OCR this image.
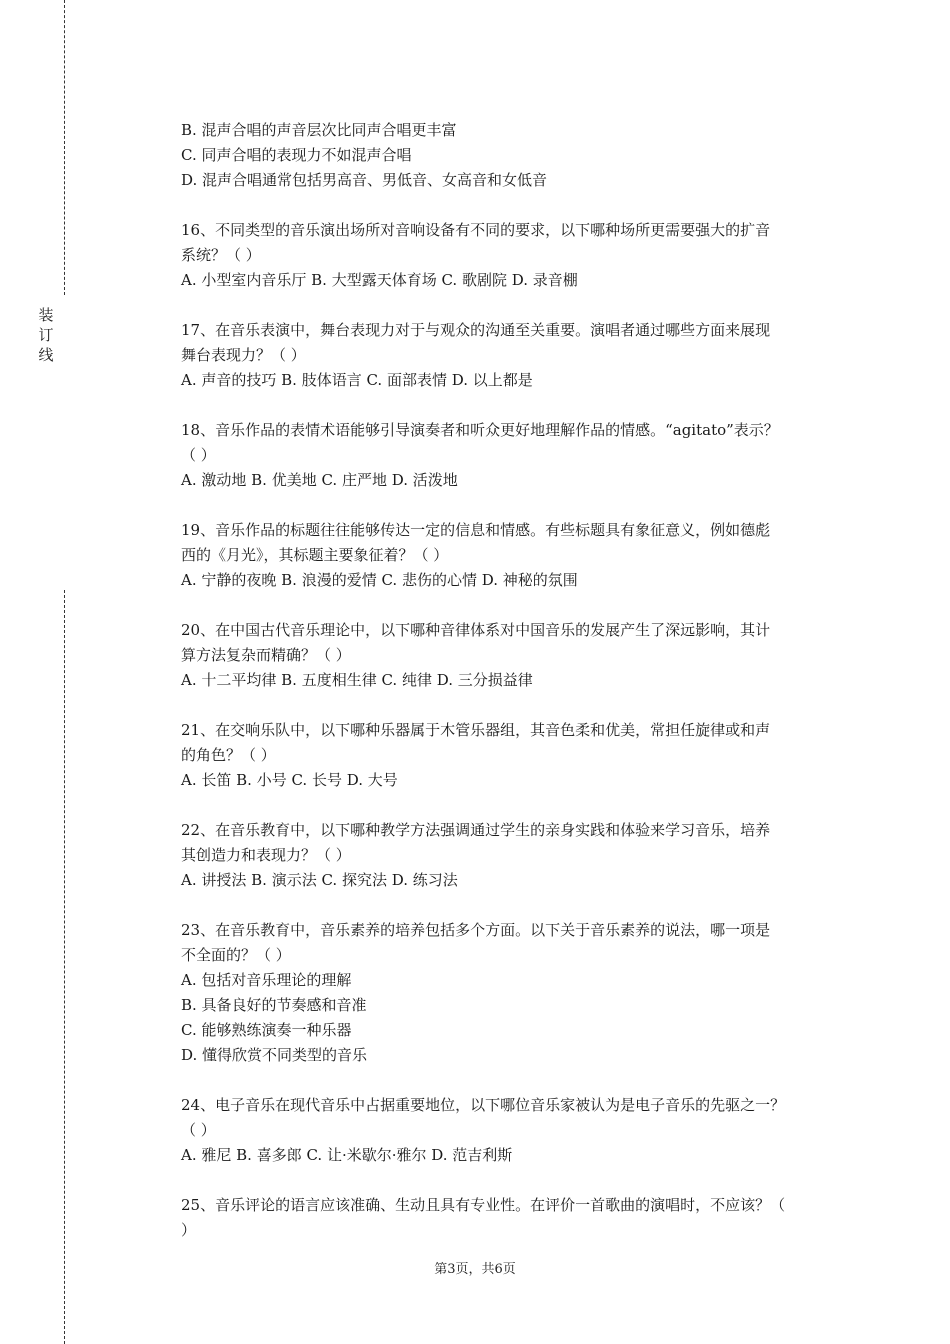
装
订
线
B. 混声合唱的声音层次比同声合唱更丰富
C. 同声合唱的表现力不如混声合唱
D. 混声合唱通常包括男高音、男低音、女高音和女低音
16、不同类型的音乐演出场所对音响设备有不同的要求，以下哪种场所更需要强大的扩音
系统？（ ）
A. 小型室内音乐厅 B. 大型露天体育场 C. 歌剧院 D. 录音棚
17、在音乐表演中，舞台表现力对于与观众的沟通至关重要。演唱者通过哪些方面来展现
舞台表现力？（ ）
A. 声音的技巧 B. 肢体语言 C. 面部表情 D. 以上都是
18、音乐作品的表情术语能够引导演奏者和听众更好地理解作品的情感。“agitato”表示？
（ ）
A. 激动地 B. 优美地 C. 庄严地 D. 活泼地
19、音乐作品的标题往往能够传达一定的信息和情感。有些标题具有象征意义，例如德彪
西的《月光》，其标题主要象征着？（ ）
A. 宁静的夜晚 B. 浪漫的爱情 C. 悲伤的心情 D. 神秘的氛围
20、在中国古代音乐理论中，以下哪种音律体系对中国音乐的发展产生了深远影响，其计
算方法复杂而精确？（ ）
A. 十二平均律 B. 五度相生律 C. 纯律 D. 三分损益律
21、在交响乐队中，以下哪种乐器属于木管乐器组，其音色柔和优美，常担任旋律或和声
的角色？（ ）
A. 长笛 B. 小号 C. 长号 D. 大号
22、在音乐教育中，以下哪种教学方法强调通过学生的亲身实践和体验来学习音乐，培养
其创造力和表现力？（ ）
A. 讲授法 B. 演示法 C. 探究法 D. 练习法
23、在音乐教育中，音乐素养的培养包括多个方面。以下关于音乐素养的说法，哪一项是
不全面的？（ ）
A. 包括对音乐理论的理解
B. 具备良好的节奏感和音准
C. 能够熟练演奏一种乐器
D. 懂得欣赏不同类型的音乐
24、电子音乐在现代音乐中占据重要地位，以下哪位音乐家被认为是电子音乐的先驱之一？
（ ）
A. 雅尼 B. 喜多郎 C. 让·米歇尔·雅尔 D. 范吉利斯
25、音乐评论的语言应该准确、生动且具有专业性。在评价一首歌曲的演唱时，不应该？（
）
第3页，共6页
